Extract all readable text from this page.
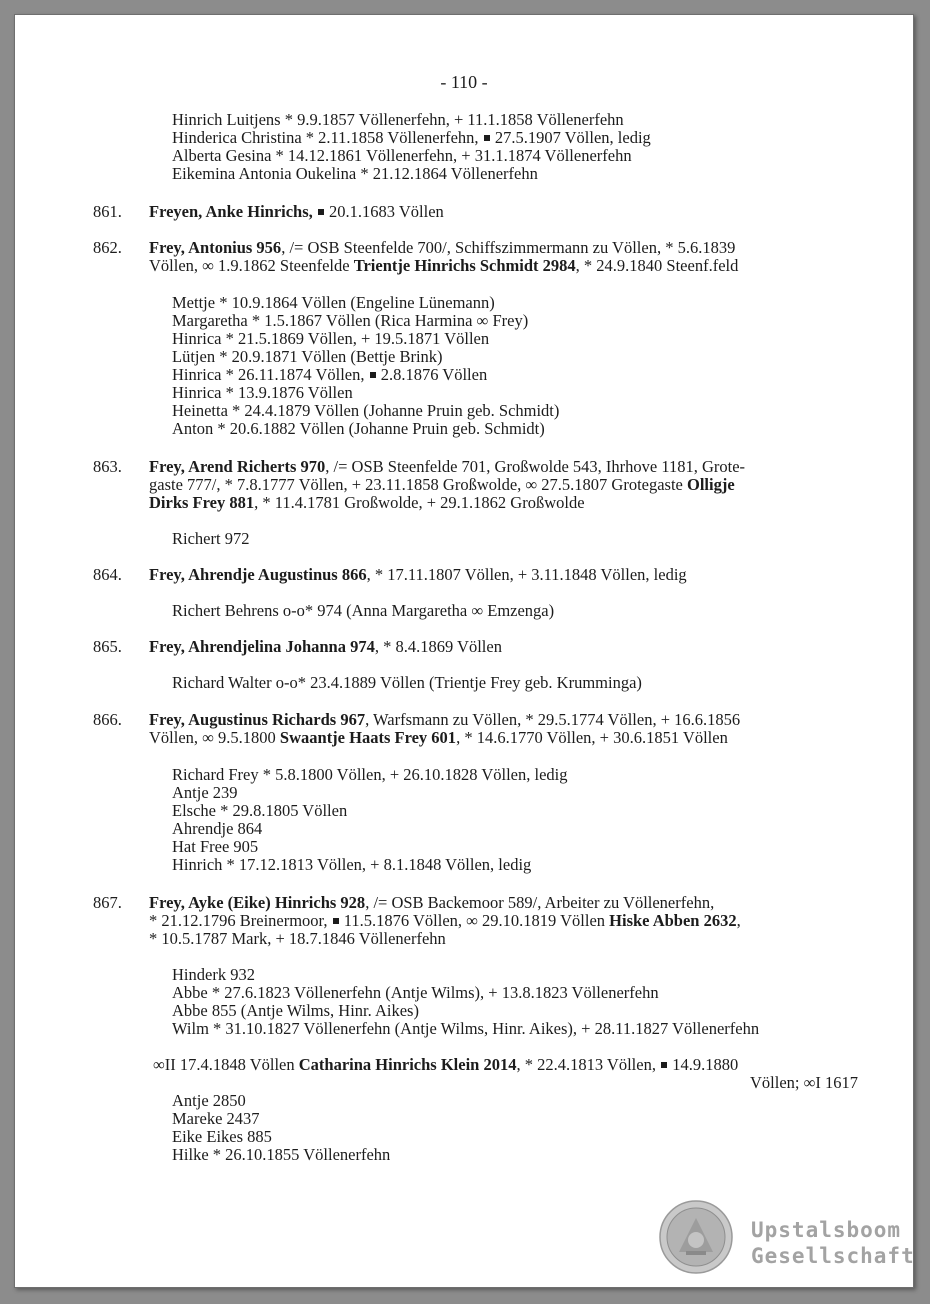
- 110 -
Hinrich Luitjens * 9.9.1857 Völlenerfehn, + 11.1.1858 Völlenerfehn
Hinderica Christina * 2.11.1858 Völlenerfehn, 27.5.1907 Völlen, ledig
Alberta Gesina * 14.12.1861 Völlenerfehn, + 31.1.1874 Völlenerfehn
Eikemina Antonia Oukelina * 21.12.1864 Völlenerfehn
861. Freyen, Anke Hinrichs, 20.1.1683 Völlen
862. Frey, Antonius 956, /= OSB Steenfelde 700/, Schiffszimmermann zu Völlen, * 5.6.1839
Völlen, ∞ 1.9.1862 Steenfelde Trientje Hinrichs Schmidt 2984, * 24.9.1840 Steenf.feld
Mettje * 10.9.1864 Völlen (Engeline Lünemann)
Margaretha * 1.5.1867 Völlen (Rica Harmina ∞ Frey)
Hinrica * 21.5.1869 Völlen, + 19.5.1871 Völlen
Lütjen * 20.9.1871 Völlen (Bettje Brink)
Hinrica * 26.11.1874 Völlen, 2.8.1876 Völlen
Hinrica * 13.9.1876 Völlen
Heinetta * 24.4.1879 Völlen (Johanne Pruin geb. Schmidt)
Anton * 20.6.1882 Völlen (Johanne Pruin geb. Schmidt)
863. Frey, Arend Richerts 970, /= OSB Steenfelde 701, Großwolde 543, Ihrhove 1181, Grote-
gaste 777/, * 7.8.1777 Völlen, + 23.11.1858 Großwolde, ∞ 27.5.1807 Grotegaste Olligje
Dirks Frey 881, * 11.4.1781 Großwolde, + 29.1.1862 Großwolde
Richert 972
864. Frey, Ahrendje Augustinus 866, * 17.11.1807 Völlen, + 3.11.1848 Völlen, ledig
Richert Behrens o-o* 974 (Anna Margaretha ∞ Emzenga)
865. Frey, Ahrendjelina Johanna 974, * 8.4.1869 Völlen
Richard Walter o-o* 23.4.1889 Völlen (Trientje Frey geb. Krumminga)
866. Frey, Augustinus Richards 967, Warfsmann zu Völlen, * 29.5.1774 Völlen, + 16.6.1856
Völlen, ∞ 9.5.1800 Swaantje Haats Frey 601, * 14.6.1770 Völlen, + 30.6.1851 Völlen
Richard Frey * 5.8.1800 Völlen, + 26.10.1828 Völlen, ledig
Antje 239
Elsche * 29.8.1805 Völlen
Ahrendje 864
Hat Free 905
Hinrich * 17.12.1813 Völlen, + 8.1.1848 Völlen, ledig
867. Frey, Ayke (Eike) Hinrichs 928, /= OSB Backemoor 589/, Arbeiter zu Völlenerfehn,
* 21.12.1796 Breinermoor, 11.5.1876 Völlen, ∞ 29.10.1819 Völlen Hiske Abben 2632,
* 10.5.1787 Mark, + 18.7.1846 Völlenerfehn
Hinderk 932
Abbe * 27.6.1823 Völlenerfehn (Antje Wilms), + 13.8.1823 Völlenerfehn
Abbe 855 (Antje Wilms, Hinr. Aikes)
Wilm * 31.10.1827 Völlenerfehn (Antje Wilms, Hinr. Aikes), + 28.11.1827 Völlenerfehn
∞II 17.4.1848 Völlen Catharina Hinrichs Klein 2014, * 22.4.1813 Völlen, 14.9.1880
Völlen; ∞I 1617
Antje 2850
Mareke 2437
Eike Eikes 885
Hilke * 26.10.1855 Völlenerfehn
Upstalsboom
Gesellschaft
